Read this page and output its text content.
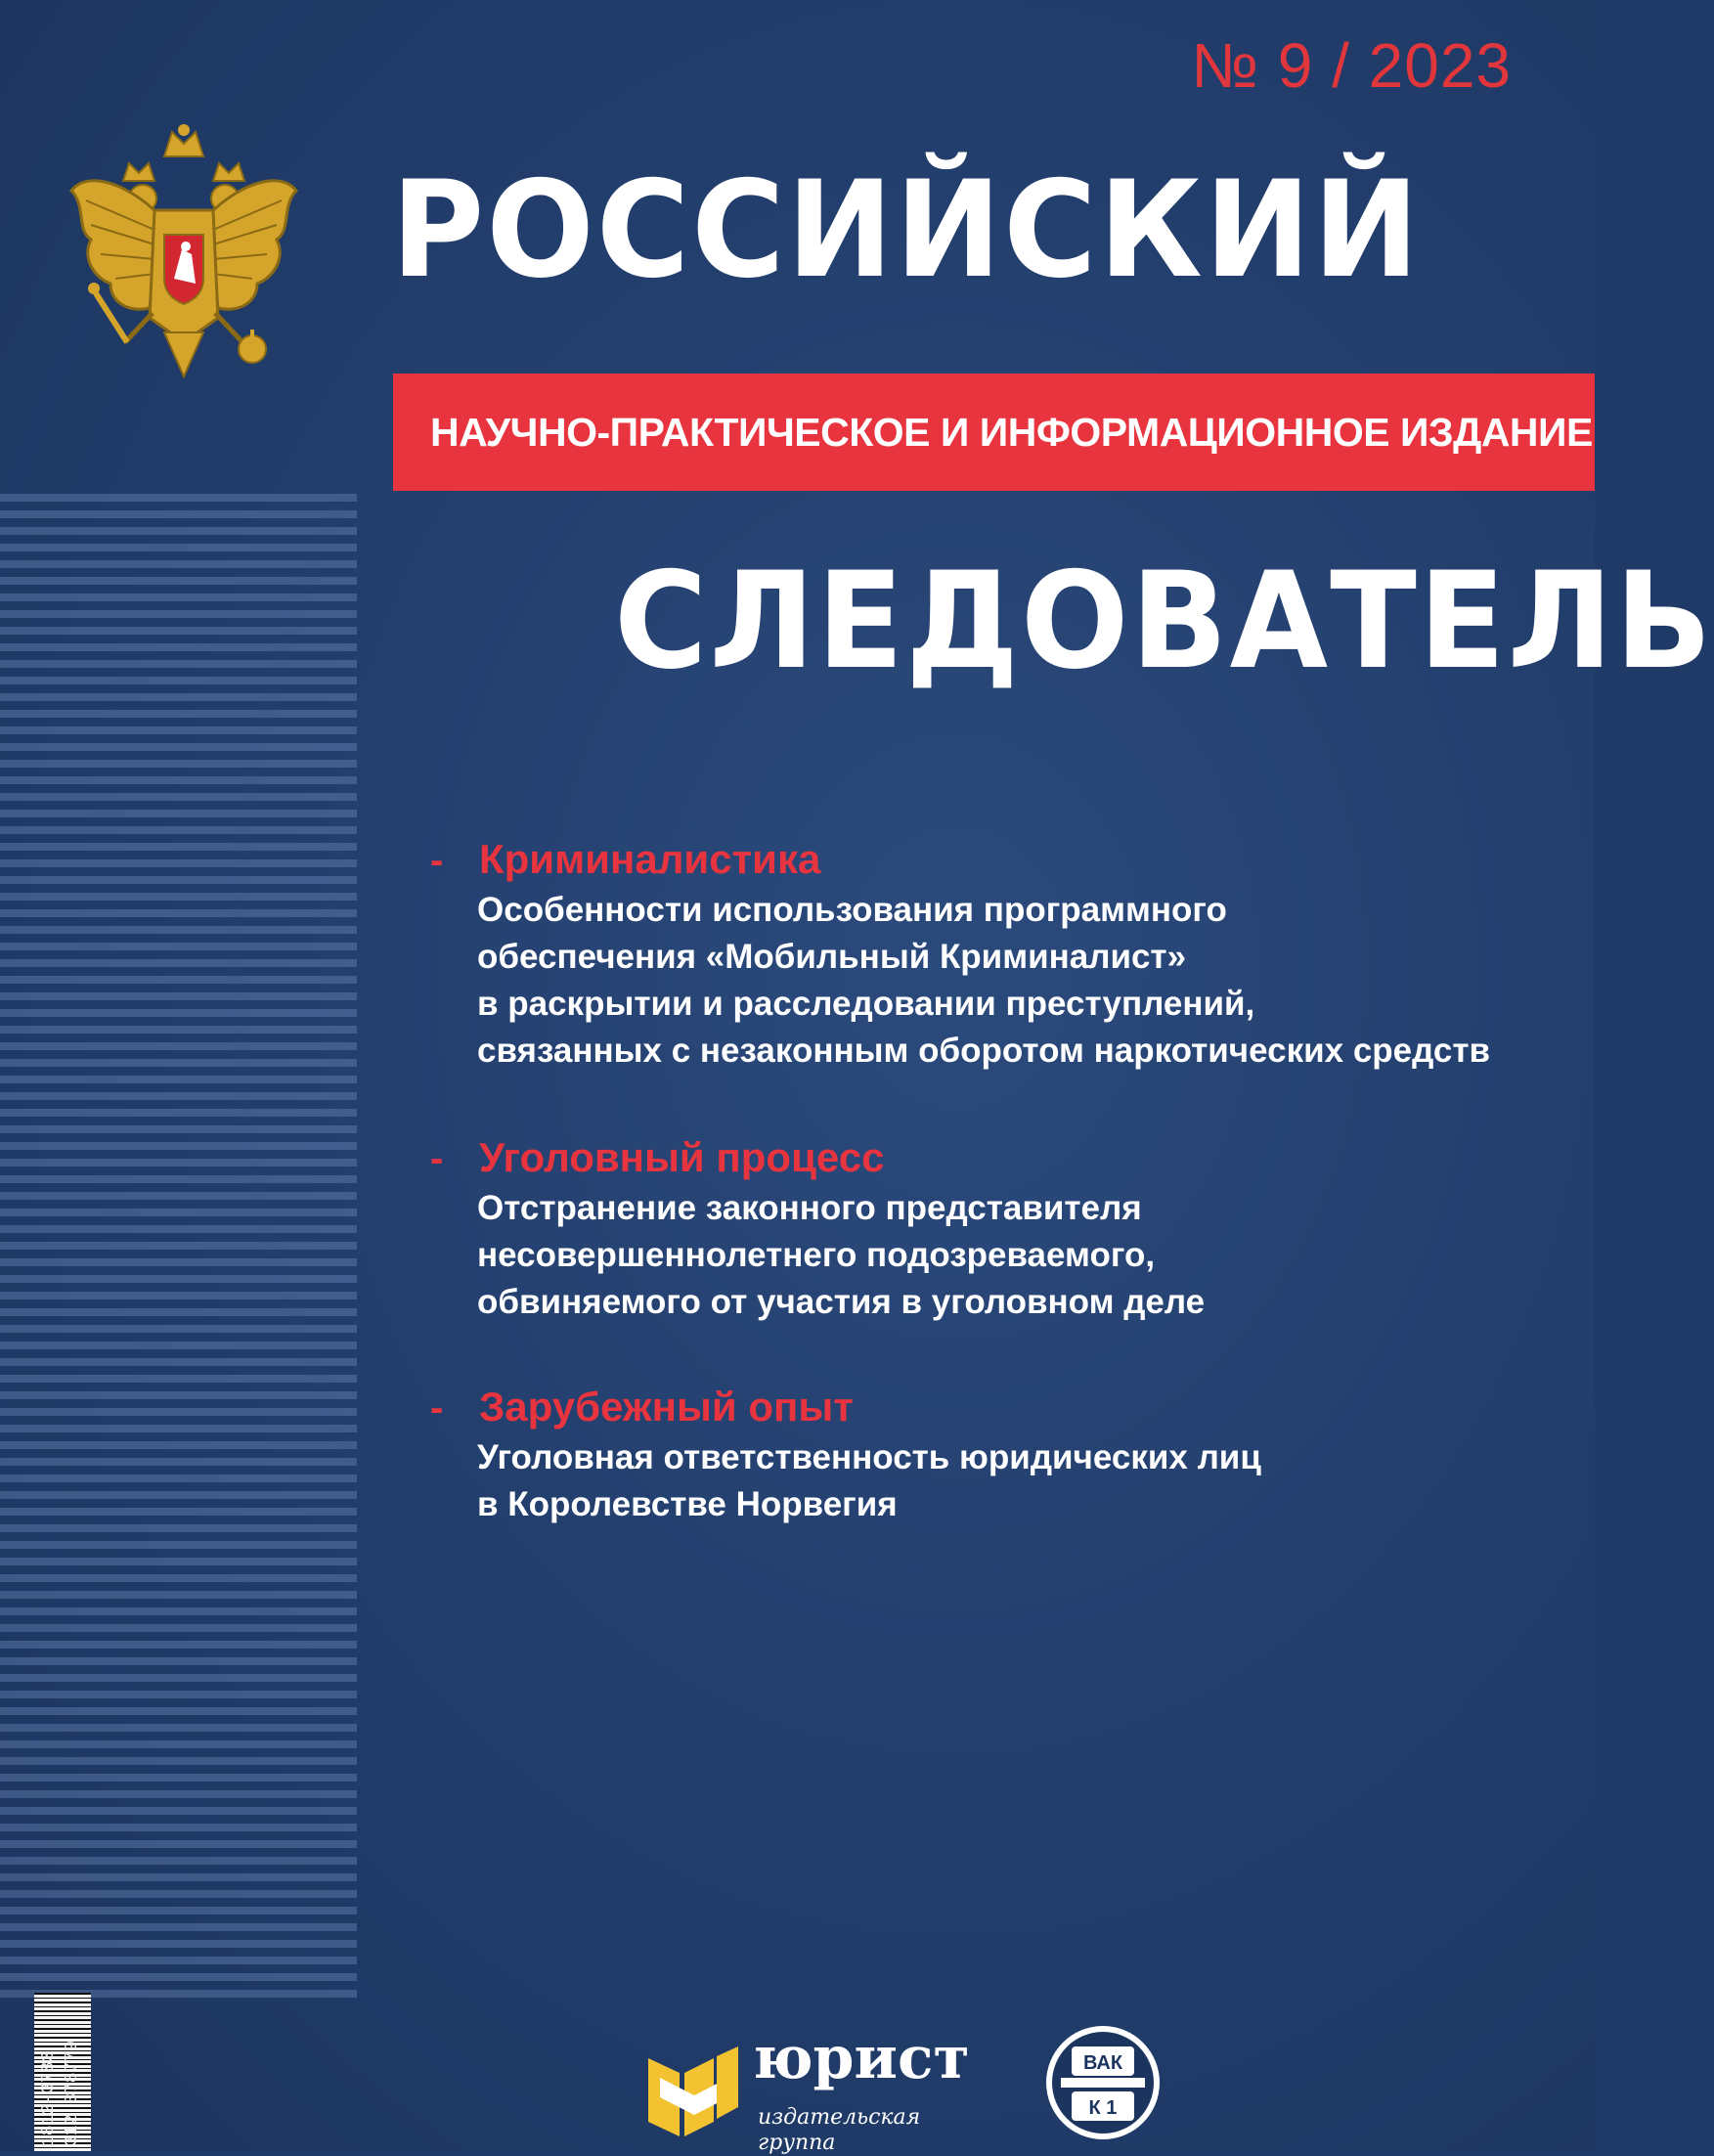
№ 9 / 2023
РОССИЙСКИЙ
НАУЧНО-ПРАКТИЧЕСКОЕ И ИНФОРМАЦИОННОЕ ИЗДАНИЕ
СЛЕДОВАТЕЛЬ
- Криминалистика

Особенности использования программного
обеспечения «Мобильный Криминалист»
в раскрытии и расследовании преступлений,
связанных с незаконным оборотом наркотических средств

- Уголовный процесс

Отстранение законного представителя
несовершеннолетнего подозреваемого,
обвиняемого от участия в уголовном деле

- Зарубежный опыт

Уголовная ответственность юридических лиц
в Королевстве Норвегия

1812-3783 312 378779	юрист
издательская
группа
ВАК
К 1
